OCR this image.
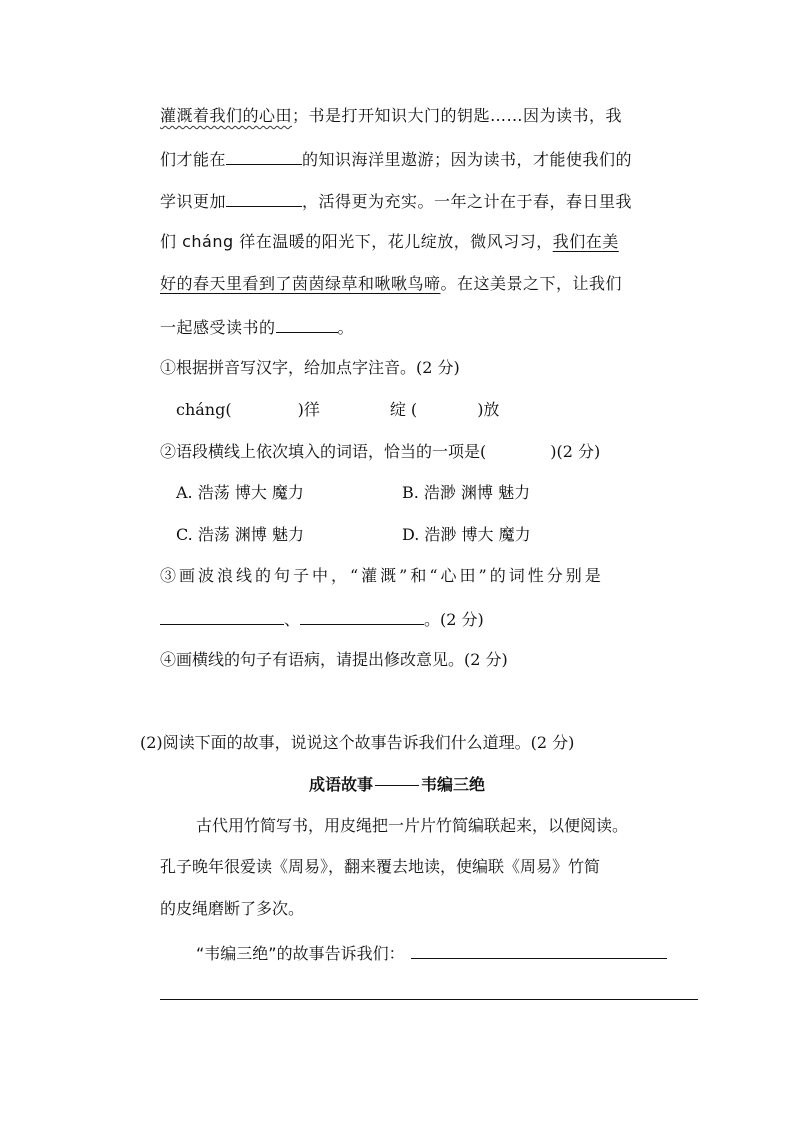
灌溉着我们的心田；书是打开知识大门的钥匙……因为读书，我
们才能在	的知识海洋里遨游；因为读书，才能使我们的
学识更加	，活得更为充实。一年之计在于春，春日里我
们 cháng 徉在温暖的阳光下，花儿绽放，微风习习，我们在美
好的春天里看到了茵茵绿草和啾啾鸟啼。在这美景之下，让我们
一起感受读书的	。
①根据拼音写汉字，给加点字注音。(2 分)
cháng(	)徉	绽 (	)放
②语段横线上依次填入的词语，恰当的一项是(	)(2 分)
A. 浩荡 博大 魔力	B. 浩渺 渊博 魅力
C. 浩荡 渊博 魅力	D. 浩渺 博大 魔力
③画波浪线的句子中，“灌溉”和“心田”的词性分别是
、	。(2 分)
④画横线的句子有语病，请提出修改意见。(2 分)
(2)阅读下面的故事，说说这个故事告诉我们什么道理。(2 分)
成语故事	韦编三绝
古代用竹简写书，用皮绳把一片片竹简编联起来，以便阅读。
孔子晚年很爱读《周易》，翻来覆去地读，使编联《周易》竹简
的皮绳磨断了多次。
“韦编三绝”的故事告诉我们：
